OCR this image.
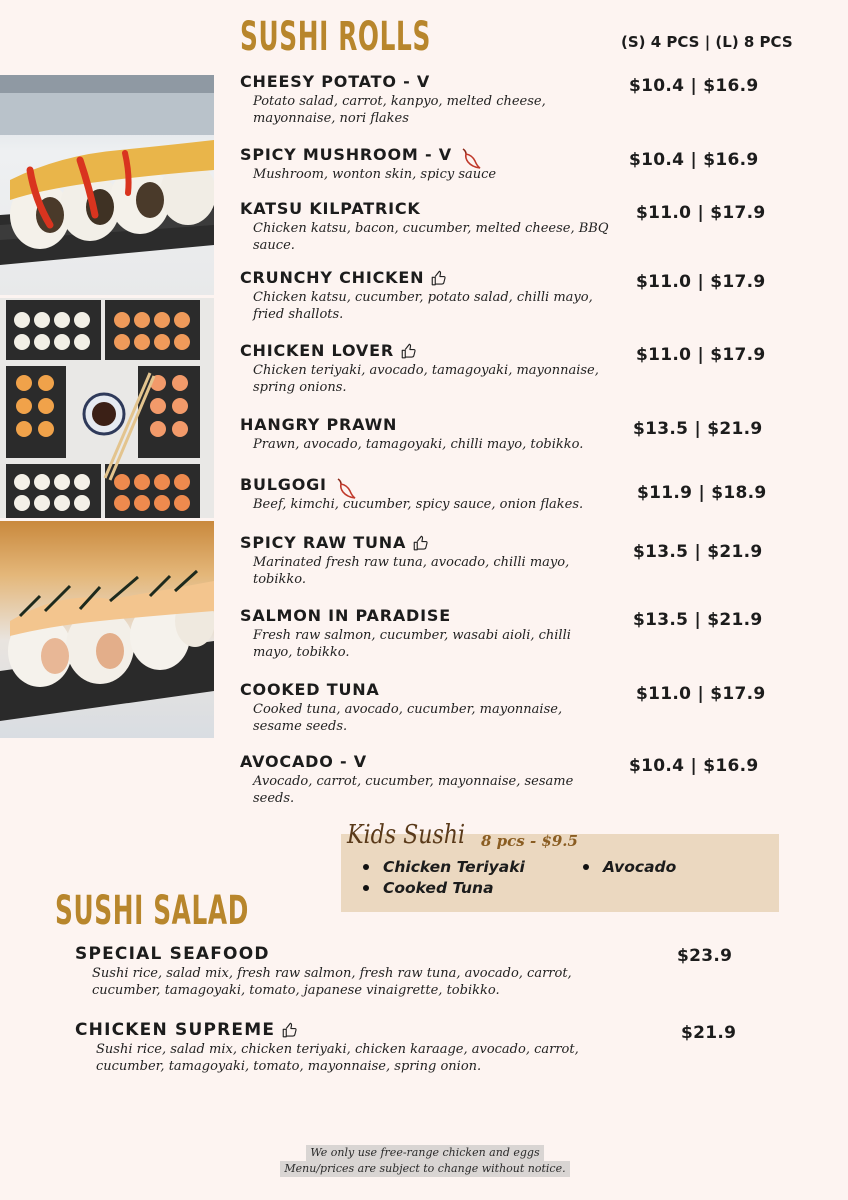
SUSHI ROLLS	(S) 4 PCS | (L) 8 PCS
CHEESY POTATO - V
Potato salad, carrot, kanpyo, melted cheese, mayonnaise, nori flakes
$10.4 | $16.9
SPICY MUSHROOM - V
Mushroom, wonton skin, spicy sauce
$10.4 | $16.9
KATSU KILPATRICK
Chicken katsu, bacon, cucumber, melted cheese, BBQ sauce.
$11.0 | $17.9
CRUNCHY CHICKEN
Chicken katsu, cucumber, potato salad, chilli mayo, fried shallots.
$11.0 | $17.9
CHICKEN LOVER
Chicken teriyaki, avocado, tamagoyaki, mayonnaise, spring onions.
$11.0 | $17.9
HANGRY PRAWN
Prawn, avocado, tamagoyaki, chilli mayo, tobikko.
$13.5 | $21.9
BULGOGI
Beef, kimchi, cucumber, spicy sauce, onion flakes.
$11.9 | $18.9
SPICY RAW TUNA
Marinated fresh raw tuna, avocado, chilli mayo, tobikko.
$13.5 | $21.9
SALMON IN PARADISE
Fresh raw salmon, cucumber, wasabi aioli, chilli mayo, tobikko.
$13.5 | $21.9
COOKED TUNA
Cooked tuna, avocado, cucumber, mayonnaise, sesame seeds.
$11.0 | $17.9
AVOCADO - V
Avocado, carrot, cucumber, mayonnaise, sesame seeds.
$10.4 | $16.9
Kids Sushi 8 pcs - $9.5
Chicken Teriyaki
Cooked Tuna
Avocado
SUSHI SALAD
SPECIAL SEAFOOD
Sushi rice, salad mix, fresh raw salmon, fresh raw tuna, avocado, carrot, cucumber, tamagoyaki, tomato, japanese vinaigrette, tobikko.
$23.9
CHICKEN SUPREME
Sushi rice, salad mix, chicken teriyaki, chicken karaage, avocado, carrot, cucumber, tamagoyaki, tomato, mayonnaise, spring onion.
$21.9
We only use free-range chicken and eggs
Menu/prices are subject to change without notice.
